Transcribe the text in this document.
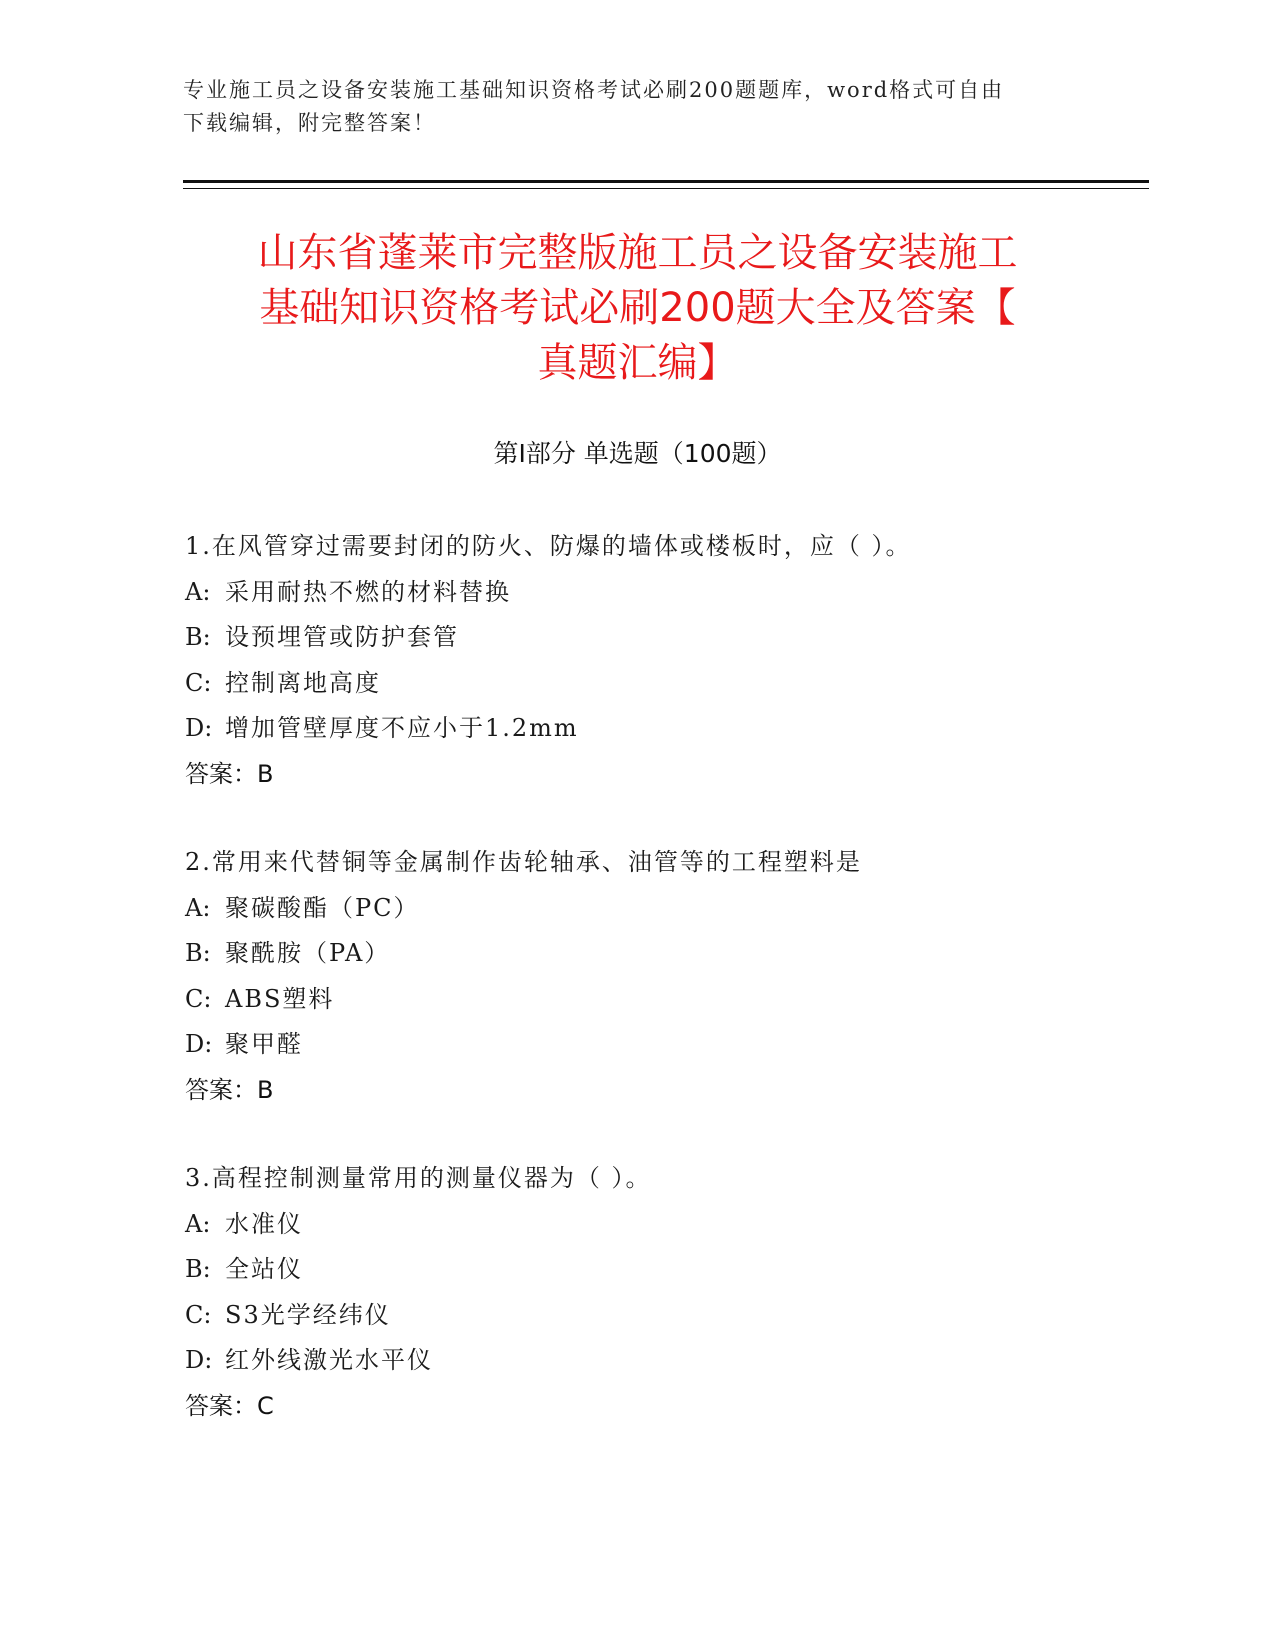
专业施工员之设备安装施工基础知识资格考试必刷200题题库，word格式可自由
下载编辑，附完整答案！
山东省蓬莱市完整版施工员之设备安装施工
基础知识资格考试必刷200题大全及答案【
真题汇编】
第Ⅰ部分 单选题（100题）
1.在风管穿过需要封闭的防火、防爆的墙体或楼板时，应（ ）。
A: 采用耐热不燃的材料替换
B: 设预埋管或防护套管
C: 控制离地高度
D: 增加管壁厚度不应小于1.2mm
答案：B
2.常用来代替铜等金属制作齿轮轴承、油管等的工程塑料是
A: 聚碳酸酯（PC）
B: 聚酰胺（PA）
C: ABS塑料
D: 聚甲醛
答案：B
3.高程控制测量常用的测量仪器为（ ）。
A: 水准仪
B: 全站仪
C: S3光学经纬仪
D: 红外线激光水平仪
答案：C
